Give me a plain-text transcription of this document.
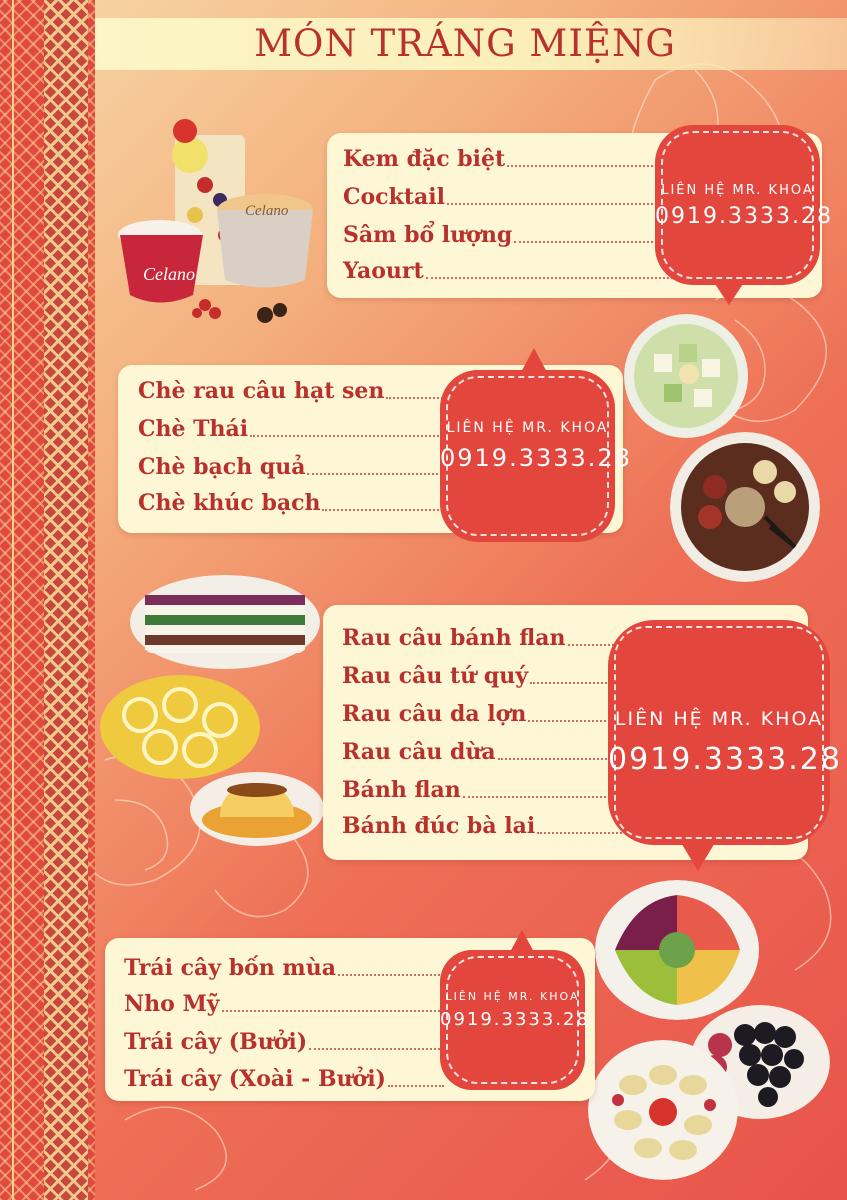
MÓN TRÁNG MIỆNG
Celano
Celano
Kem đặc biệt
Cocktail
Sâm bổ lượng
Yaourt
LIÊN HỆ MR. KHOA
0919.3333.28
Chè rau câu hạt sen
Chè Thái
Chè bạch quả
Chè khúc bạch
LIÊN HỆ MR. KHOA
0919.3333.28
Rau câu bánh flan
Rau câu tứ quý
Rau câu da lợn
Rau câu dừa
Bánh flan
Bánh đúc bà lai
LIÊN HỆ MR. KHOA
0919.3333.28
Trái cây bốn mùa
Nho Mỹ
Trái cây (Bưởi)
Trái cây (Xoài - Bưởi)
LIÊN HỆ MR. KHOA
0919.3333.28
